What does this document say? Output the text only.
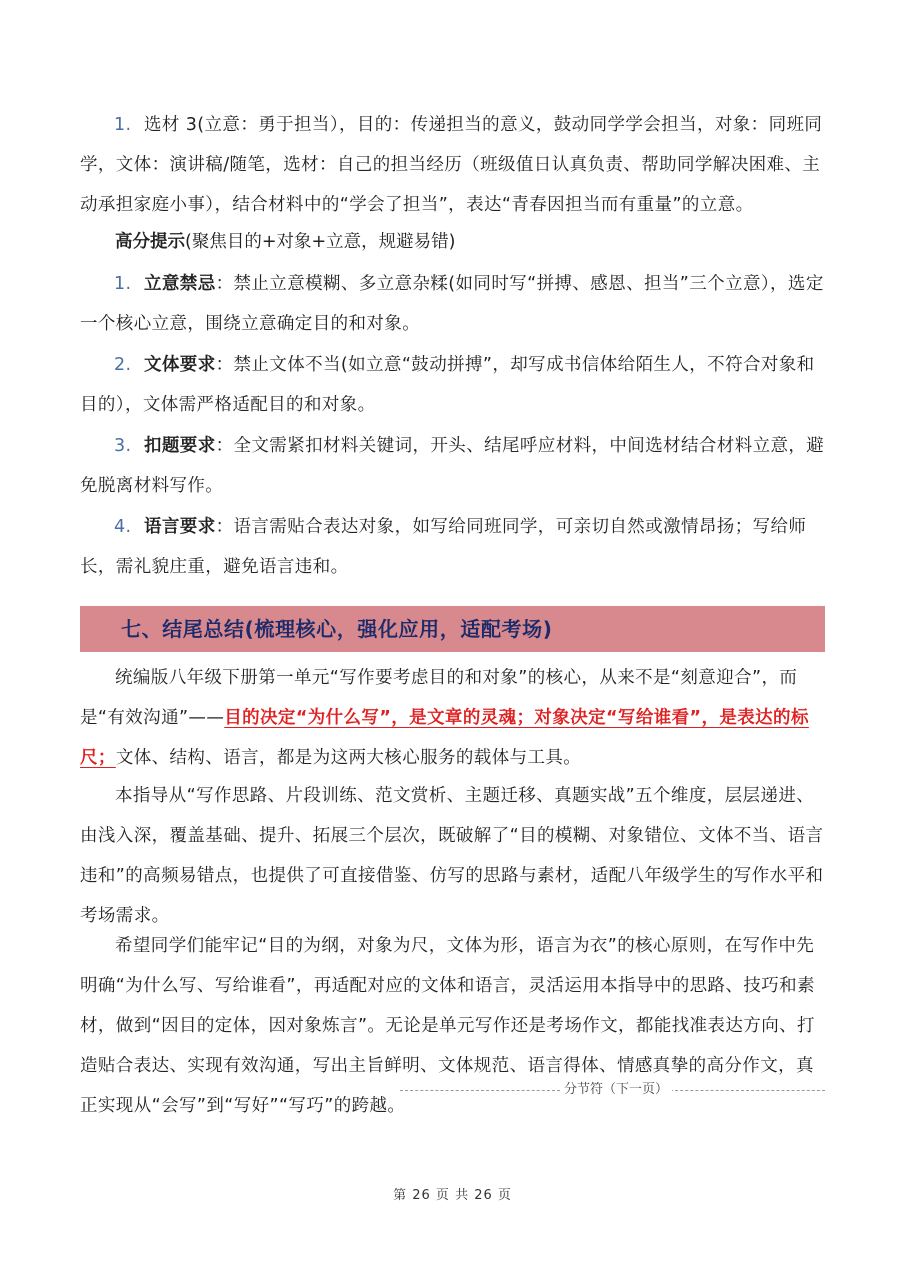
1. 选材 3(立意：勇于担当），目的：传递担当的意义，鼓动同学学会担当，对象：同班同学，文体：演讲稿/随笔，选材：自己的担当经历（班级值日认真负责、帮助同学解决困难、主动承担家庭小事），结合材料中的“学会了担当”，表达“青春因担当而有重量”的立意。
高分提示(聚焦目的+对象+立意，规避易错)
1. 立意禁忌：禁止立意模糊、多立意杂糅(如同时写“拼搏、感恩、担当”三个立意），选定一个核心立意，围绕立意确定目的和对象。
2. 文体要求：禁止文体不当(如立意“鼓动拼搏”，却写成书信体给陌生人，不符合对象和目的），文体需严格适配目的和对象。
3. 扣题要求：全文需紧扣材料关键词，开头、结尾呼应材料，中间选材结合材料立意，避免脱离材料写作。
4. 语言要求：语言需贴合表达对象，如写给同班同学，可亲切自然或激情昂扬；写给师长，需礼貌庄重，避免语言违和。
七、结尾总结(梳理核心，强化应用，适配考场)
统编版八年级下册第一单元“写作要考虑目的和对象”的核心，从来不是“刻意迎合”，而是“有效沟通”——目的决定“为什么写”，是文章的灵魂；对象决定“写给谁看”，是表达的标尺；文体、结构、语言，都是为这两大核心服务的载体与工具。
本指导从“写作思路、片段训练、范文赏析、主题迁移、真题实战”五个维度，层层递进、由浅入深，覆盖基础、提升、拓展三个层次，既破解了“目的模糊、对象错位、文体不当、语言违和”的高频易错点，也提供了可直接借鉴、仿写的思路与素材，适配八年级学生的写作水平和考场需求。
希望同学们能牢记“目的为纲，对象为尺，文体为形，语言为衣”的核心原则，在写作中先明确“为什么写、写给谁看”，再适配对应的文体和语言，灵活运用本指导中的思路、技巧和素材，做到“因目的定体，因对象炼言”。无论是单元写作还是考场作文，都能找准表达方向、打造贴合表达、实现有效沟通，写出主旨鲜明、文体规范、语言得体、情感真挚的高分作文，真正实现从“会写”到“写好”“写巧”的跨越。
分节符（下一页）
第 26 页 共 26 页
